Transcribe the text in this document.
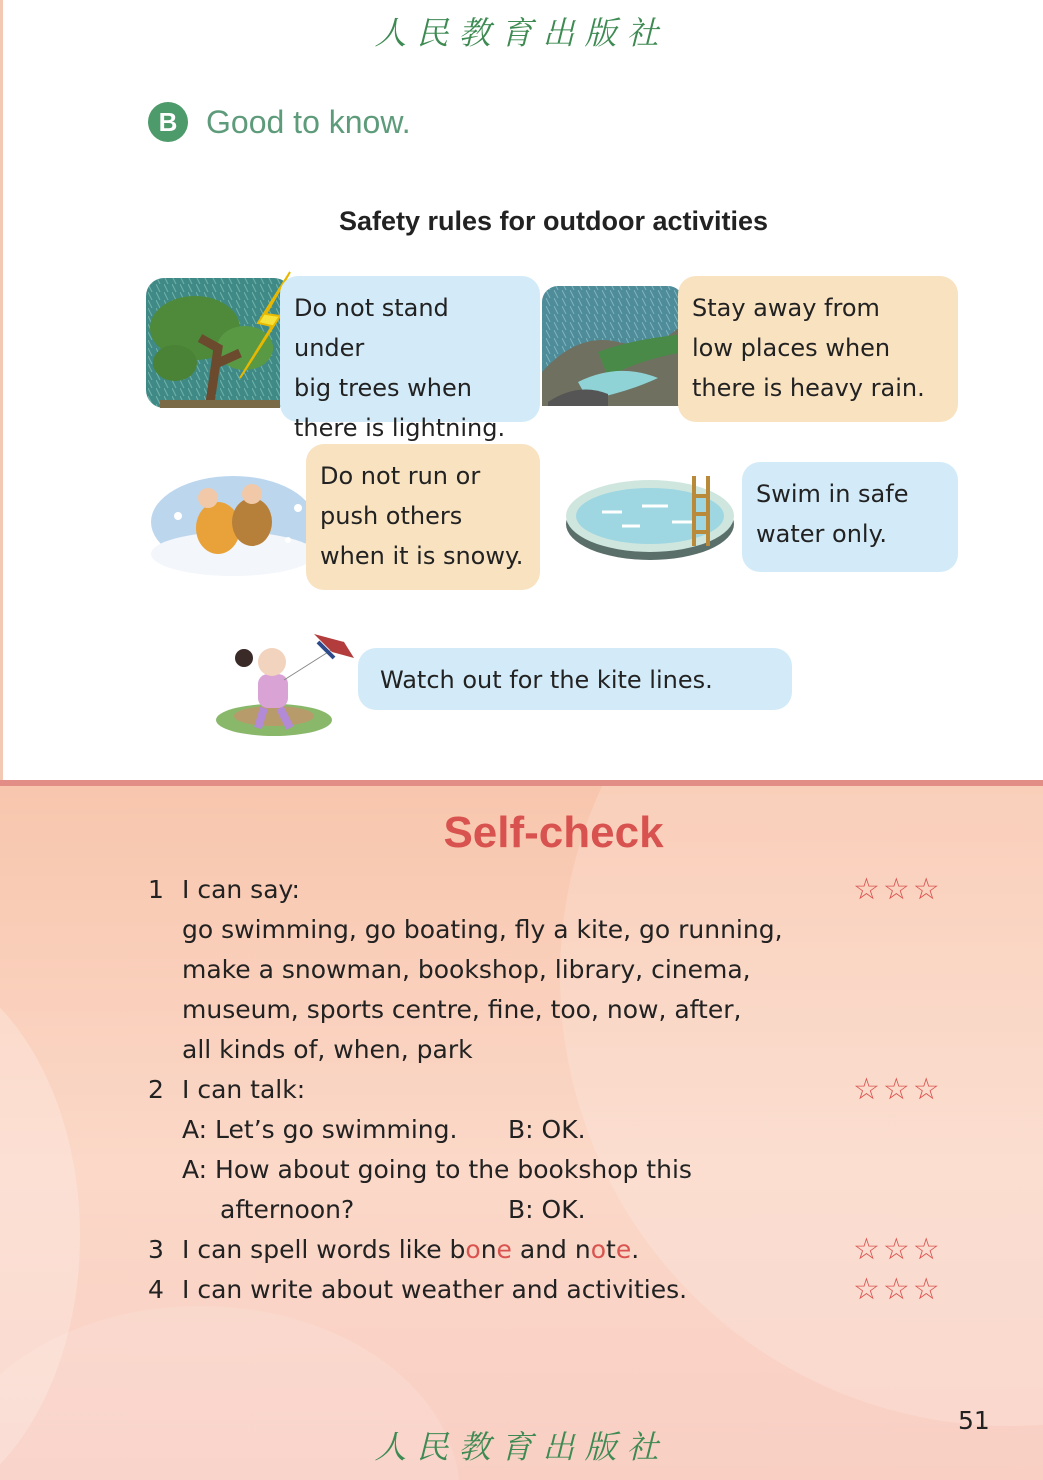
人民教育出版社
B Good to know.
Safety rules for outdoor activities
Do not stand under
big trees when
there is lightning.
Stay away from
low places when
there is heavy rain.
Do not run or
push others
when it is snowy.
Swim in safe
water only.
Watch out for the kite lines.
Self-check
1 I can say:	☆☆☆
go swimming, go boating, fly a kite, go running,
make a snowman, bookshop, library, cinema,
museum, sports centre, fine, too, now, after,
all kinds of, when, park
2 I can talk:	☆☆☆
A: Let’s go swimming. B: OK.
A: How about going to the bookshop this
afternoon?	B: OK.
3 I can spell words like bone and note.	☆☆☆
4 I can write about weather and activities.	☆☆☆
51
人民教育出版社
